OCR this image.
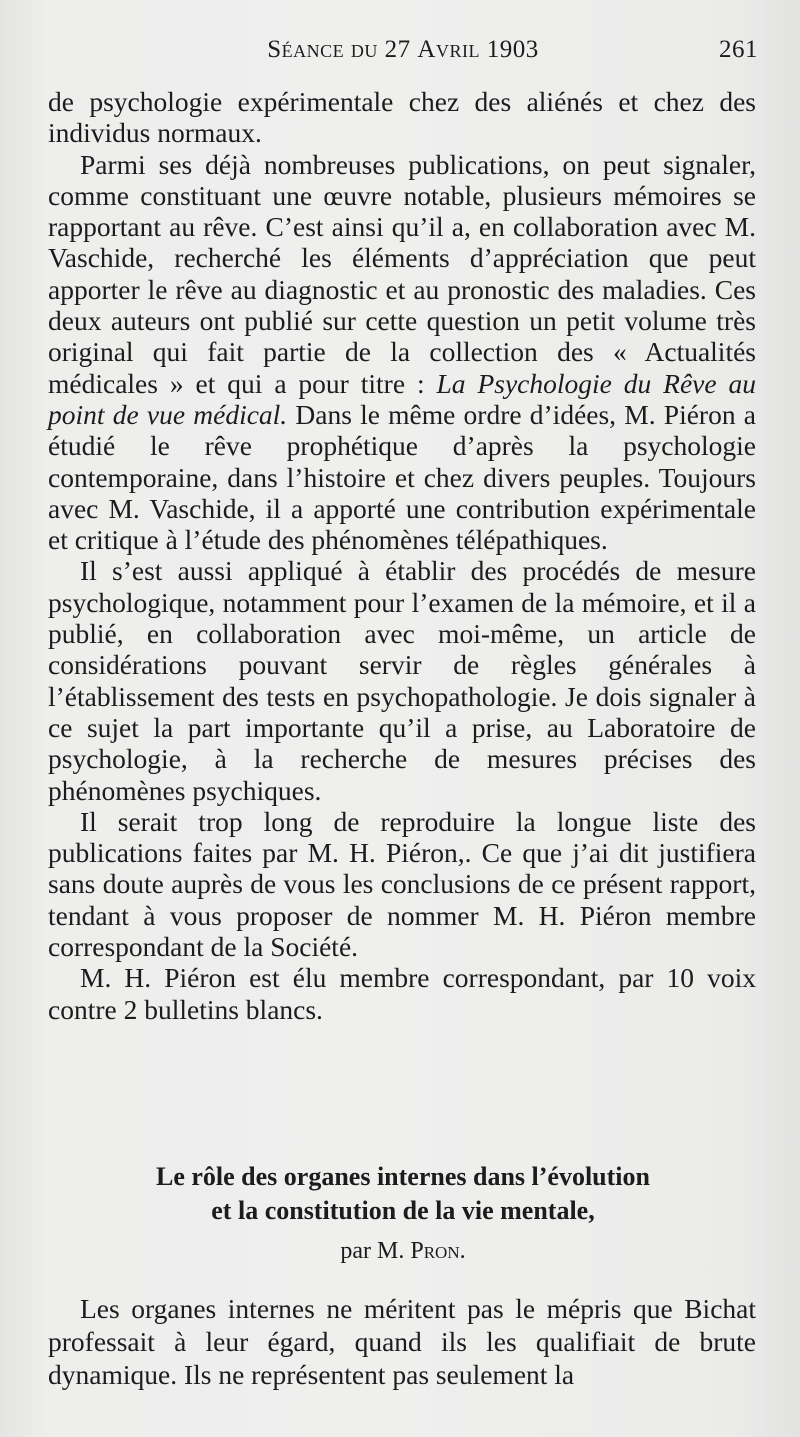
Séance du 27 Avril 1903	261

de psychologie expérimentale chez des aliénés et chez des individus normaux.

Parmi ses déjà nombreuses publications, on peut signaler, comme constituant une œuvre notable, plusieurs mémoires se rapportant au rêve. C’est ainsi qu’il a, en collaboration avec M. Vaschide, recherché les éléments d’appréciation que peut apporter le rêve au diagnostic et au pronostic des maladies. Ces deux auteurs ont publié sur cette question un petit volume très original qui fait partie de la collection des « Actualités médicales » et qui a pour titre : La Psychologie du Rêve au point de vue médical. Dans le même ordre d’idées, M. Piéron a étudié le rêve prophétique d’après la psychologie contemporaine, dans l’histoire et chez divers peuples. Toujours avec M. Vaschide, il a apporté une contribution expérimentale et critique à l’étude des phénomènes télépathiques.

Il s’est aussi appliqué à établir des procédés de mesure psychologique, notamment pour l’examen de la mémoire, et il a publié, en collaboration avec moi-même, un article de considérations pouvant servir de règles générales à l’établissement des tests en psychopathologie. Je dois signaler à ce sujet la part importante qu’il a prise, au Laboratoire de psychologie, à la recherche de mesures précises des phénomènes psychiques.

Il serait trop long de reproduire la longue liste des publications faites par M. H. Piéron,. Ce que j’ai dit justifiera sans doute auprès de vous les conclusions de ce présent rapport, tendant à vous proposer de nommer M. H. Piéron membre correspondant de la Société.

M. H. Piéron est élu membre correspondant, par 10 voix contre 2 bulletins blancs.

Le rôle des organes internes dans l’évolution
et la constitution de la vie mentale,
par M. Pron.

Les organes internes ne méritent pas le mépris que Bichat professait à leur égard, quand ils les qualifiait de brute dynamique. Ils ne représentent pas seulement la
